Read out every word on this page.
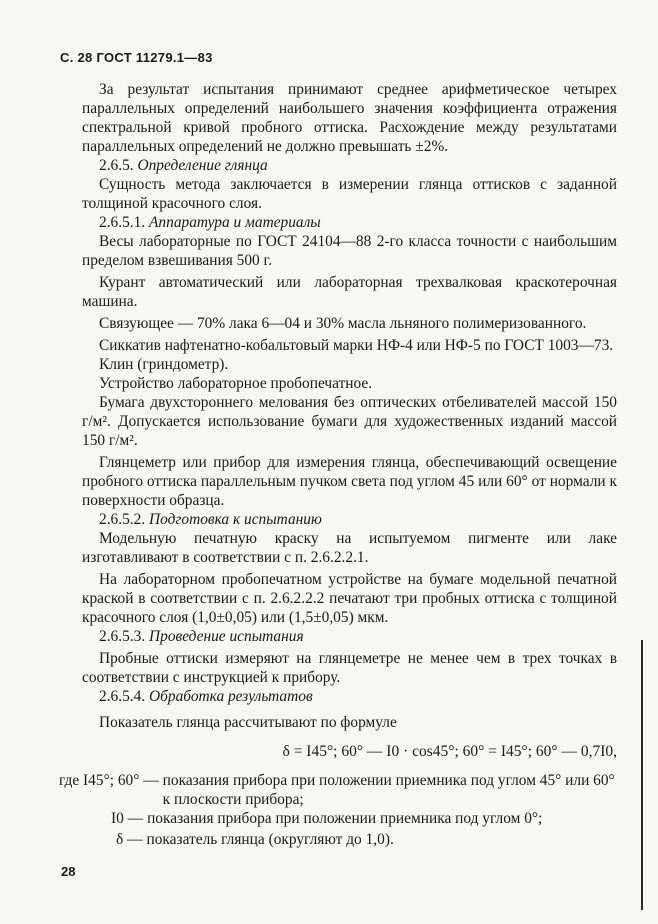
С. 28 ГОСТ 11279.1—83

За результат испытания принимают среднее арифметическое четырех параллельных определений наибольшего значения коэффициента отражения спектральной кривой пробного оттиска. Расхождение между результатами параллельных определений не должно превышать ±2%.

2.6.5. Определение глянца

Сущность метода заключается в измерении глянца оттисков с заданной толщиной красочного слоя.

2.6.5.1. Аппаратура и материалы

Весы лабораторные по ГОСТ 24104—88 2-го класса точности с наибольшим пределом взвешивания 500 г.

Курант автоматический или лабораторная трехвалковая краскотерочная машина.

Связующее — 70% лака 6—04 и 30% масла льняного полимеризованного.

Сиккатив нафтенатно-кобальтовый марки НФ-4 или НФ-5 по ГОСТ 1003—73.

Клин (гриндометр).

Устройство лабораторное пробопечатное.

Бумага двухстороннего мелования без оптических отбеливателей массой 150 г/м². Допускается использование бумаги для художественных изданий массой 150 г/м².

Глянцеметр или прибор для измерения глянца, обеспечивающий освещение пробного оттиска параллельным пучком света под углом 45 или 60° от нормали к поверхности образца.

2.6.5.2. Подготовка к испытанию

Модельную печатную краску на испытуемом пигменте или лаке изготавливают в соответствии с п. 2.6.2.2.1.

На лабораторном пробопечатном устройстве на бумаге модельной печатной краской в соответствии с п. 2.6.2.2.2 печатают три пробных оттиска с толщиной красочного слоя (1,0±0,05) или (1,5±0,05) мкм.

2.6.5.3. Проведение испытания

Пробные оттиски измеряют на глянцеметре не менее чем в трех точках в соответствии с инструкцией к прибору.

2.6.5.4. Обработка результатов

Показатель глянца рассчитывают по формуле

δ = I45°; 60° — I0 · cos45°; 60° = I45°; 60° — 0,7I0,
где I45°; 60° — показания прибора при положении приемника под углом 45° или 60° к плоскости прибора;
I0 — показания прибора при положении приемника под углом 0°;
δ — показатель глянца (округляют до 1,0).
28
